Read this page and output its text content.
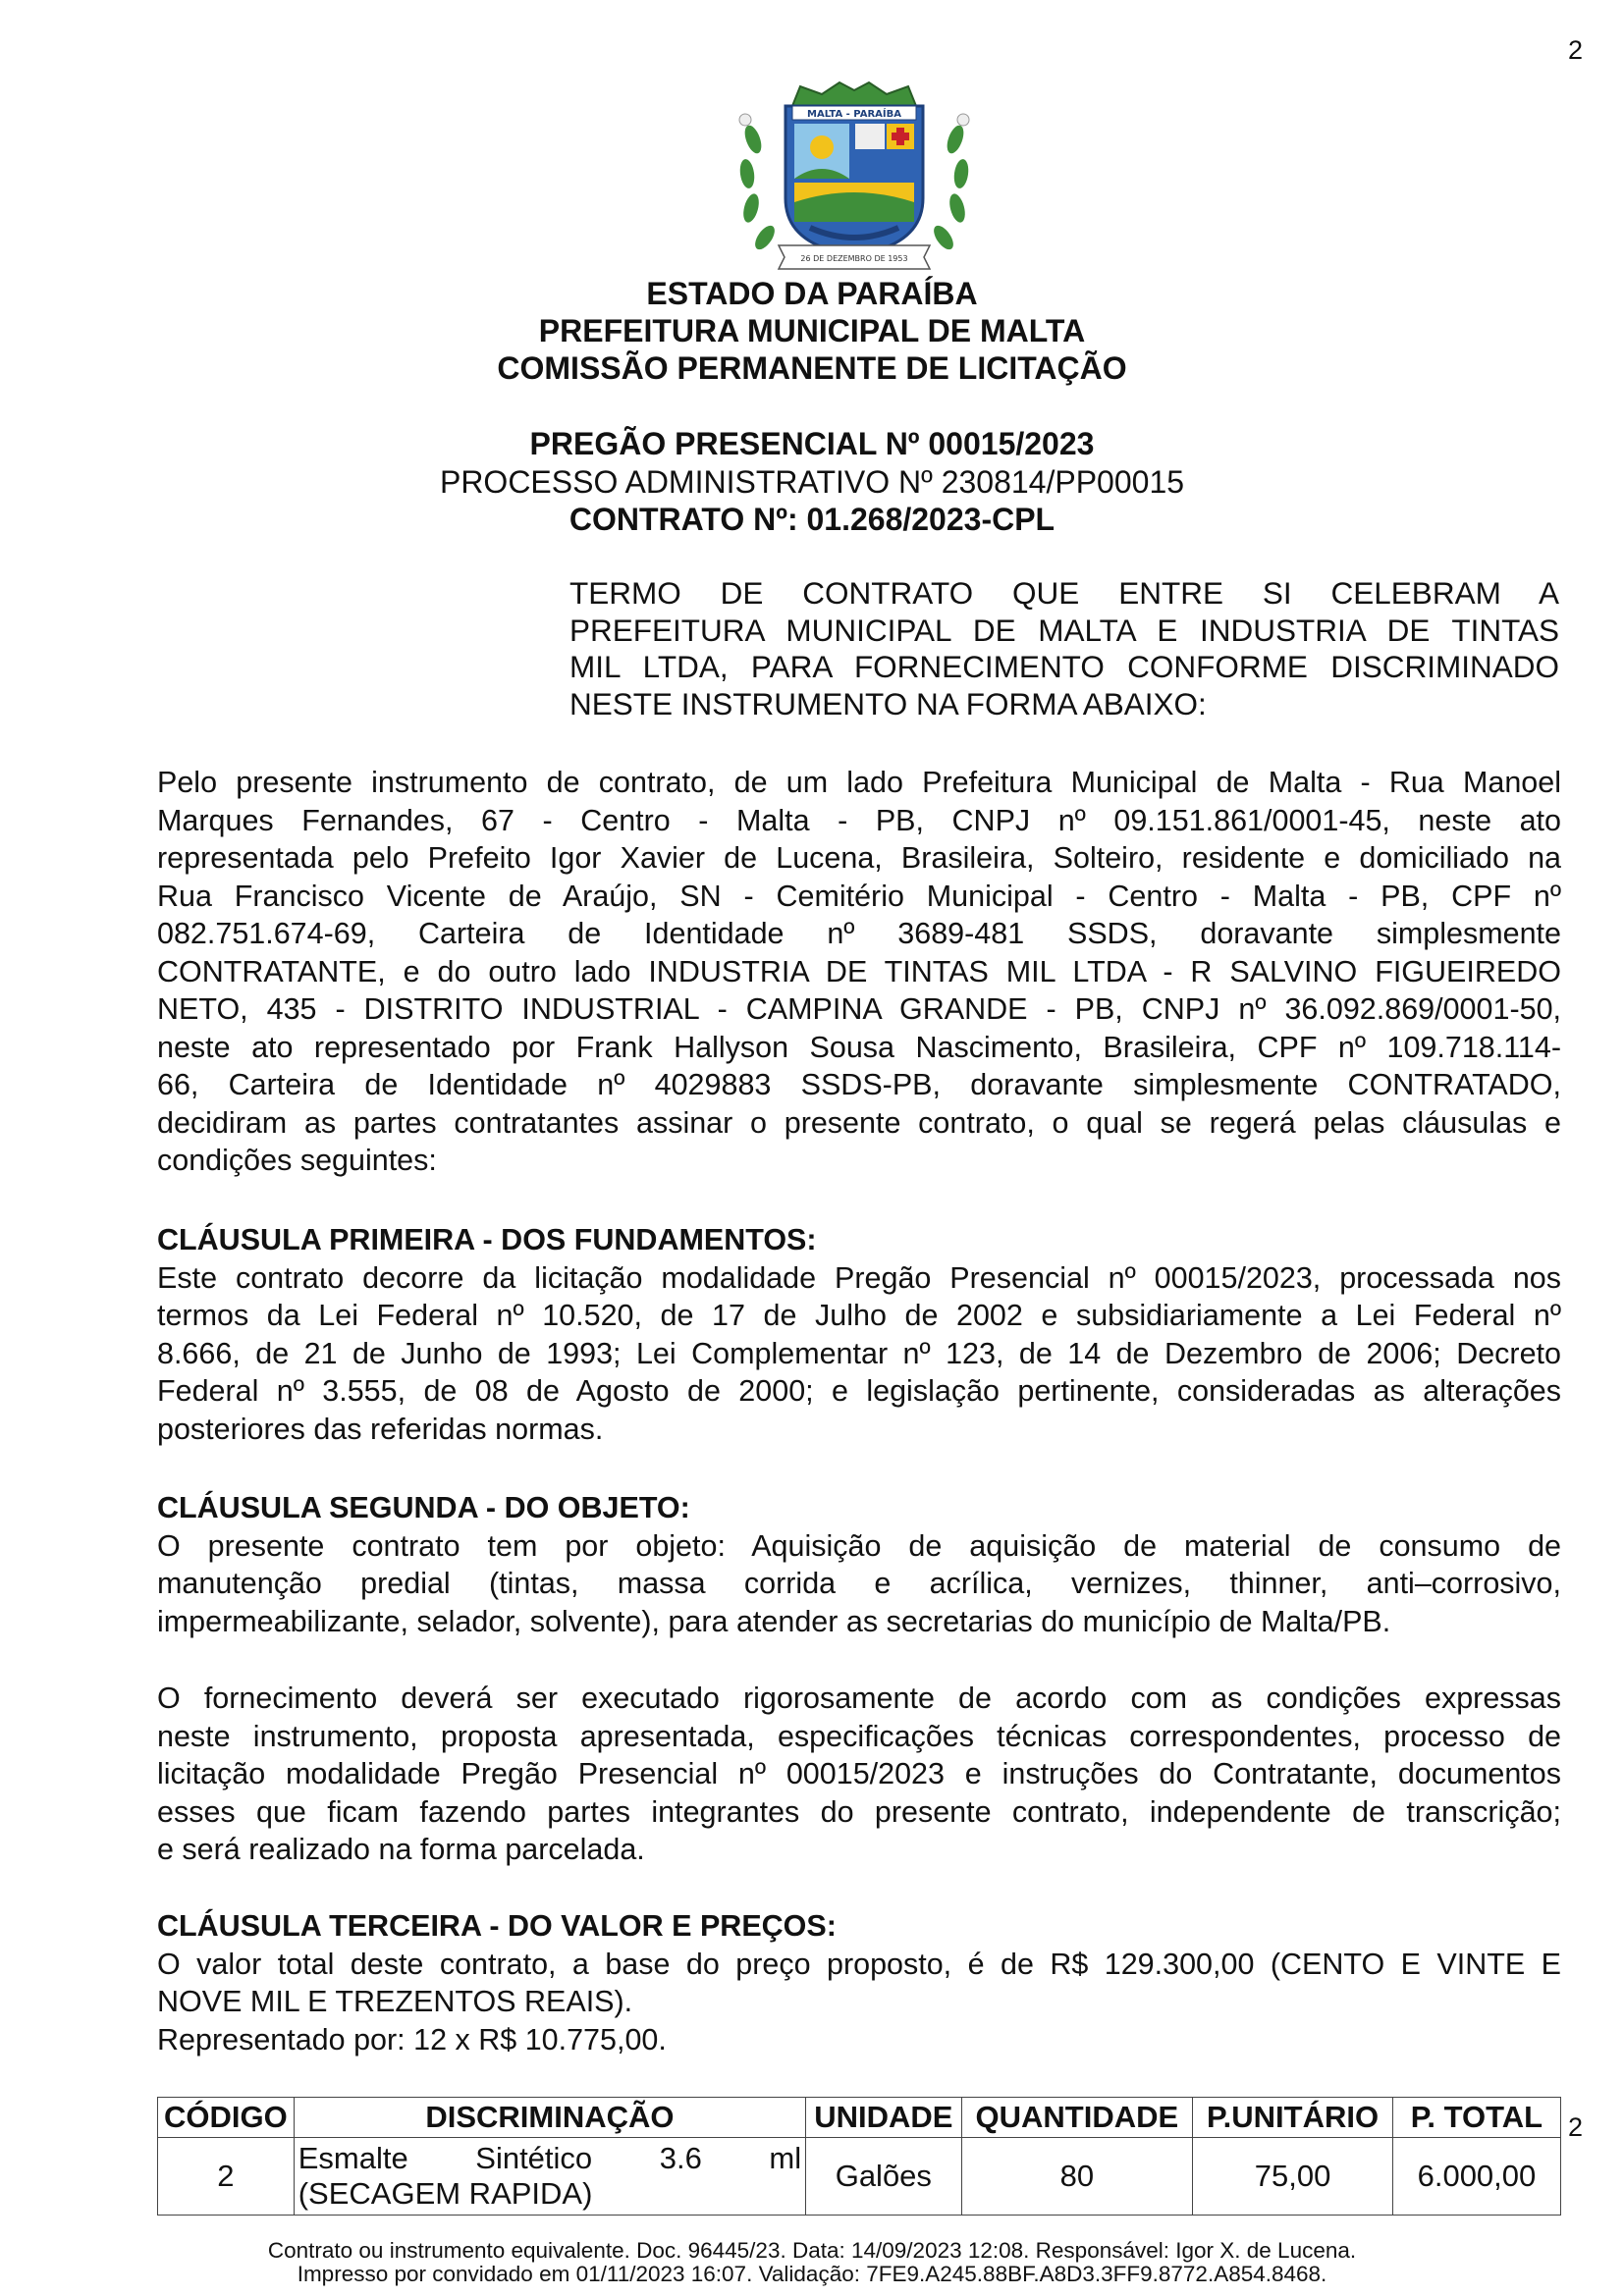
2
MALTA - PARAÍBA
26 DE DEZEMBRO DE 1953
ESTADO DA PARAÍBA
PREFEITURA MUNICIPAL DE MALTA
COMISSÃO PERMANENTE DE LICITAÇÃO
PREGÃO PRESENCIAL Nº 00015/2023
PROCESSO ADMINISTRATIVO Nº 230814/PP00015
CONTRATO Nº: 01.268/2023-CPL
TERMO DE CONTRATO QUE ENTRE SI CELEBRAM A
PREFEITURA MUNICIPAL DE MALTA E INDUSTRIA DE TINTAS
MIL LTDA, PARA FORNECIMENTO CONFORME DISCRIMINADO
NESTE INSTRUMENTO NA FORMA ABAIXO:
Pelo presente instrumento de contrato, de um lado Prefeitura Municipal de Malta - Rua Manoel
Marques Fernandes, 67 - Centro - Malta - PB, CNPJ nº 09.151.861/0001-45, neste ato
representada pelo Prefeito Igor Xavier de Lucena, Brasileira, Solteiro, residente e domiciliado na
Rua Francisco Vicente de Araújo, SN - Cemitério Municipal - Centro - Malta - PB, CPF nº
082.751.674-69, Carteira de Identidade nº 3689-481 SSDS, doravante simplesmente
CONTRATANTE, e do outro lado INDUSTRIA DE TINTAS MIL LTDA - R SALVINO FIGUEIREDO
NETO, 435 - DISTRITO INDUSTRIAL - CAMPINA GRANDE - PB, CNPJ nº 36.092.869/0001-50,
neste ato representado por Frank Hallyson Sousa Nascimento, Brasileira, CPF nº 109.718.114-
66, Carteira de Identidade nº 4029883 SSDS-PB, doravante simplesmente CONTRATADO,
decidiram as partes contratantes assinar o presente contrato, o qual se regerá pelas cláusulas e
condições seguintes:
CLÁUSULA PRIMEIRA - DOS FUNDAMENTOS:
Este contrato decorre da licitação modalidade Pregão Presencial nº 00015/2023, processada nos
termos da Lei Federal nº 10.520, de 17 de Julho de 2002 e subsidiariamente a Lei Federal nº
8.666, de 21 de Junho de 1993; Lei Complementar nº 123, de 14 de Dezembro de 2006; Decreto
Federal nº 3.555, de 08 de Agosto de 2000; e legislação pertinente, consideradas as alterações
posteriores das referidas normas.
CLÁUSULA SEGUNDA - DO OBJETO:
O presente contrato tem por objeto: Aquisição de aquisição de material de consumo de
manutenção predial (tintas, massa corrida e acrílica, vernizes, thinner, anti–corrosivo,
impermeabilizante, selador, solvente), para atender as secretarias do município de Malta/PB.
O fornecimento deverá ser executado rigorosamente de acordo com as condições expressas
neste instrumento, proposta apresentada, especificações técnicas correspondentes, processo de
licitação modalidade Pregão Presencial nº 00015/2023 e instruções do Contratante, documentos
esses que ficam fazendo partes integrantes do presente contrato, independente de transcrição;
e será realizado na forma parcelada.
CLÁUSULA TERCEIRA - DO VALOR E PREÇOS:
O valor total deste contrato, a base do preço proposto, é de R$ 129.300,00 (CENTO E VINTE E
NOVE MIL E TREZENTOS REAIS).
Representado por: 12 x R$ 10.775,00.
CÓDIGO	DISCRIMINAÇÃO	UNIDADE	QUANTIDADE	P.UNITÁRIO	P. TOTAL
2	Esmalte Sintético 3.6 ml
(SECAGEM RAPIDA)	Galões	80	75,00	6.000,00
2
Contrato ou instrumento equivalente. Doc. 96445/23. Data: 14/09/2023 12:08. Responsável: Igor X. de Lucena.
Impresso por convidado em 01/11/2023 16:07. Validação: 7FE9.A245.88BF.A8D3.3FF9.8772.A854.8468.
